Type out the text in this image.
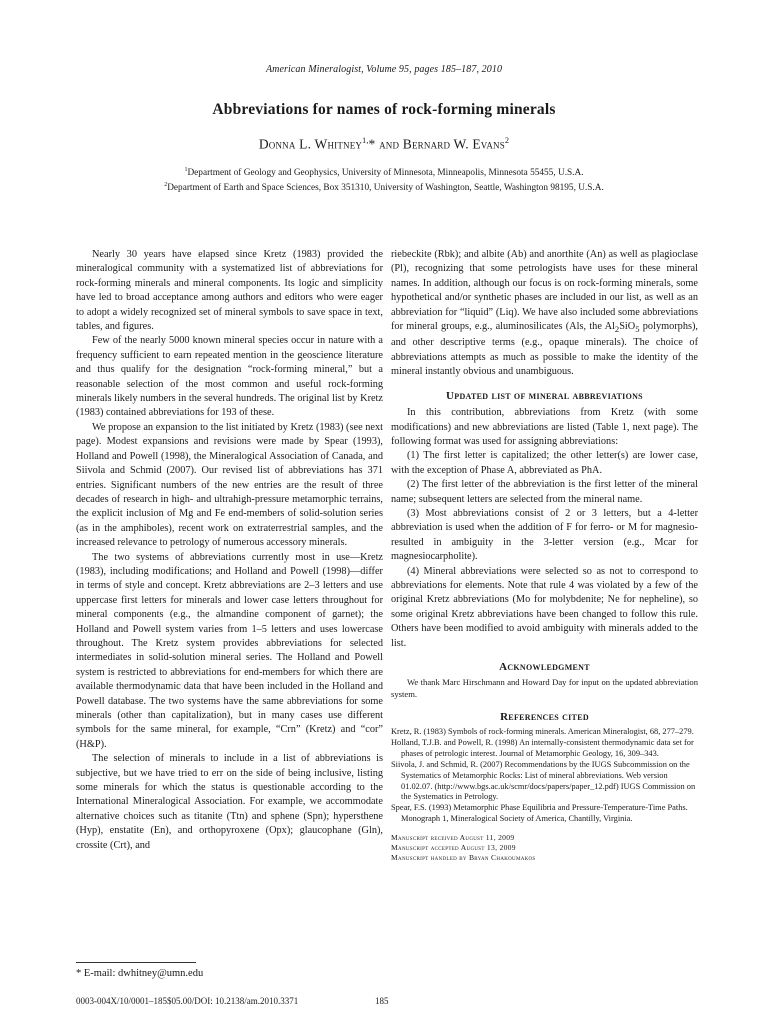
American Mineralogist, Volume 95, pages 185–187, 2010
Abbreviations for names of rock-forming minerals
Donna L. Whitney$^{1,}$* and Bernard W. Evans$^2$
$^1$Department of Geology and Geophysics, University of Minnesota, Minneapolis, Minnesota 55455, U.S.A.
$^2$Department of Earth and Space Sciences, Box 351310, University of Washington, Seattle, Washington 98195, U.S.A.

Nearly 30 years have elapsed since Kretz (1983) provided the mineralogical community with a systematized list of abbreviations for rock-forming minerals and mineral components. Its logic and simplicity have led to broad acceptance among authors and editors who were eager to adopt a widely recognized set of mineral symbols to save space in text, tables, and figures.

Few of the nearly 5000 known mineral species occur in nature with a frequency sufficient to earn repeated mention in the geoscience literature and thus qualify for the designation “rock-forming mineral,” but a reasonable selection of the most common and useful rock-forming minerals likely numbers in the several hundreds. The original list by Kretz (1983) contained abbreviations for 193 of these.

We propose an expansion to the list initiated by Kretz (1983) (see next page). Modest expansions and revisions were made by Spear (1993), Holland and Powell (1998), the Mineralogical Association of Canada, and Siivola and Schmid (2007). Our revised list of abbreviations has 371 entries. Significant numbers of the new entries are the result of three decades of research in high- and ultrahigh-pressure metamorphic terrains, the explicit inclusion of Mg and Fe end-members of solid-solution series (as in the amphiboles), recent work on extraterrestrial samples, and the increased relevance to petrology of numerous accessory minerals.

The two systems of abbreviations currently most in use—Kretz (1983), including modifications; and Holland and Powell (1998)—differ in terms of style and concept. Kretz abbreviations are 2–3 letters and use uppercase first letters for minerals and lower case letters throughout for mineral components (e.g., the almandine component of garnet); the Holland and Powell system varies from 1–5 letters and uses lowercase throughout. The Kretz system provides abbreviations for selected intermediates in solid-solution mineral series. The Holland and Powell system is restricted to abbreviations for end-members for which there are available thermodynamic data that have been included in the Holland and Powell database. The two systems have the same abbreviations for some minerals (other than capitalization), but in many cases use different symbols for the same mineral, for example, “Crn” (Kretz) and “cor” (H&P).

The selection of minerals to include in a list of abbreviations is subjective, but we have tried to err on the side of being inclusive, listing some minerals for which the status is questionable according to the International Mineralogical Association. For example, we accommodate alternative choices such as titanite (Ttn) and sphene (Spn); hypersthene (Hyp), enstatite (En), and orthopyroxene (Opx); glaucophane (Gln), crossite (Crt), and

riebeckite (Rbk); and albite (Ab) and anorthite (An) as well as plagioclase (Pl), recognizing that some petrologists have uses for these mineral names. In addition, although our focus is on rock-forming minerals, some hypothetical and/or synthetic phases are included in our list, as well as an abbreviation for “liquid” (Liq). We have also included some abbreviations for mineral groups, e.g., aluminosilicates (Als, the $Al_2SiO_5$ polymorphs), and other descriptive terms (e.g., opaque minerals). The choice of abbreviations attempts as much as possible to make the identity of the mineral instantly obvious and unambiguous.

Updated list of mineral abbreviations

In this contribution, abbreviations from Kretz (with some modifications) and new abbreviations are listed (Table 1, next page). The following format was used for assigning abbreviations:

(1) The first letter is capitalized; the other letter(s) are lower case, with the exception of Phase A, abbreviated as PhA.

(2) The first letter of the abbreviation is the first letter of the mineral name; subsequent letters are selected from the mineral name.

(3) Most abbreviations consist of 2 or 3 letters, but a 4-letter abbreviation is used when the addition of F for ferro- or M for magnesio- resulted in ambiguity in the 3-letter version (e.g., Mcar for magnesiocarpholite).

(4) Mineral abbreviations were selected so as not to correspond to abbreviations for elements. Note that rule 4 was violated by a few of the original Kretz abbreviations (Mo for molybdenite; Ne for nepheline), so some original Kretz abbreviations have been changed to follow this rule. Others have been modified to avoid ambiguity with minerals added to the list.

Acknowledgment

We thank Marc Hirschmann and Howard Day for input on the updated abbreviation system.

References cited
Kretz, R. (1983) Symbols of rock-forming minerals. American Mineralogist, 68, 277–279.
Holland, T.J.B. and Powell, R. (1998) An internally-consistent thermodynamic data set for phases of petrologic interest. Journal of Metamorphic Geology, 16, 309–343.
Siivola, J. and Schmid, R. (2007) Recommendations by the IUGS Subcommission on the Systematics of Metamorphic Rocks: List of mineral abbreviations. Web version 01.02.07. (http://www.bgs.ac.uk/scmr/docs/papers/paper_12.pdf) IUGS Commission on the Systematics in Petrology.
Spear, F.S. (1993) Metamorphic Phase Equilibria and Pressure-Temperature-Time Paths. Monograph 1, Mineralogical Society of America, Chantilly, Virginia.
Manuscript received August 11, 2009
Manuscript accepted August 13, 2009
Manuscript handled by Bryan Chakoumakos
* E-mail: dwhitney@umn.edu
0003-004X/10/0001–185$05.00/DOI: 10.2138/am.2010.3371	185
